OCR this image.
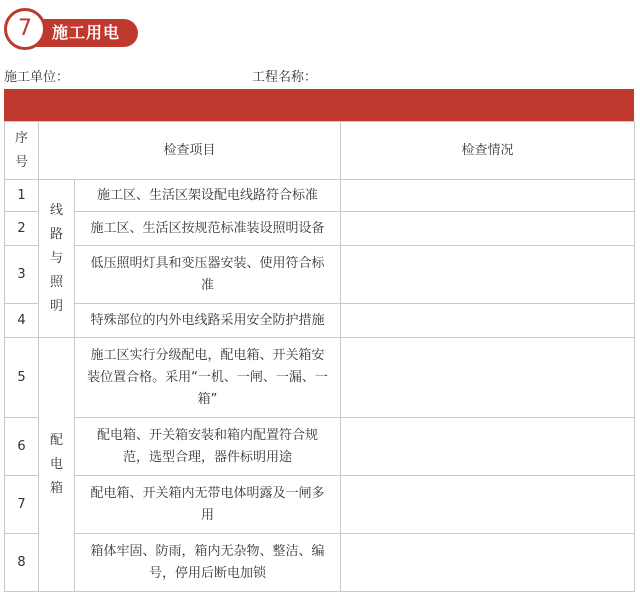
施工用电
7
施工单位：	工程名称：
序
号	检查项目		检查情况
1	线
路
与
照
明	施工区、生活区架设配电线路符合标准	
2		施工区、生活区按规范标准装设照明设备	
3		低压照明灯具和变压器安装、使用符合标准	
4		特殊部位的内外电线路采用安全防护措施	
5	配
电
箱	施工区实行分级配电，配电箱、开关箱安装位置合格。采用“一机、一闸、一漏、一箱”	
6		配电箱、开关箱安装和箱内配置符合规范，选型合理，器件标明用途	
7		配电箱、开关箱内无带电体明露及一闸多用	
8		箱体牢固、防雨，箱内无杂物、整洁、编号，停用后断电加锁	
